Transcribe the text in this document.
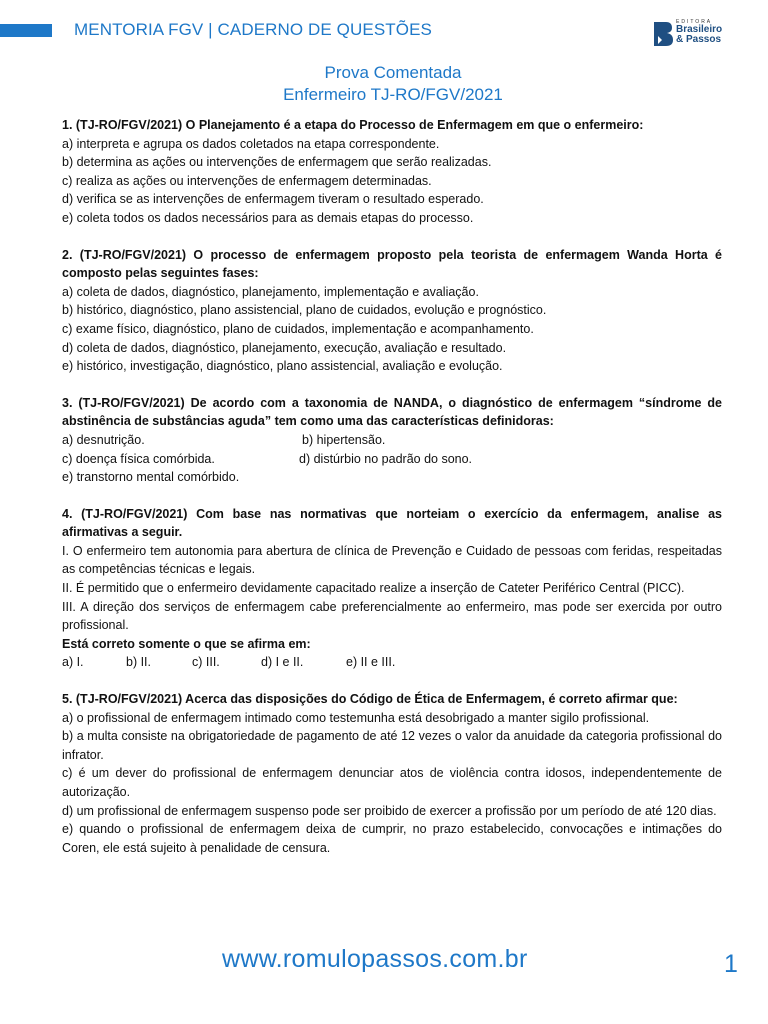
MENTORIA FGV | CADERNO DE QUESTÕES	EDITORA
Brasileiro
& Passos
Prova Comentada
Enfermeiro TJ-RO/FGV/2021

1. (TJ-RO/FGV/2021) O Planejamento é a etapa do Processo de Enfermagem em que o enfermeiro:

a) interpreta e agrupa os dados coletados na etapa correspondente.

b) determina as ações ou intervenções de enfermagem que serão realizadas.

c) realiza as ações ou intervenções de enfermagem determinadas.

d) verifica se as intervenções de enfermagem tiveram o resultado esperado.

e) coleta todos os dados necessários para as demais etapas do processo.

2. (TJ-RO/FGV/2021) O processo de enfermagem proposto pela teorista de enfermagem Wanda Horta é composto pelas seguintes fases:

a) coleta de dados, diagnóstico, planejamento, implementação e avaliação.

b) histórico, diagnóstico, plano assistencial, plano de cuidados, evolução e prognóstico.

c) exame físico, diagnóstico, plano de cuidados, implementação e acompanhamento.

d) coleta de dados, diagnóstico, planejamento, execução, avaliação e resultado.

e) histórico, investigação, diagnóstico, plano assistencial, avaliação e evolução.

3. (TJ-RO/FGV/2021) De acordo com a taxonomia de NANDA, o diagnóstico de enfermagem “síndrome de abstinência de substâncias aguda” tem como uma das características definidoras:

a) desnutrição.	b) hipertensão.
c) doença física comórbida.	d) distúrbio no padrão do sono.

e) transtorno mental comórbido.

4. (TJ-RO/FGV/2021) Com base nas normativas que norteiam o exercício da enfermagem, analise as afirmativas a seguir.

I. O enfermeiro tem autonomia para abertura de clínica de Prevenção e Cuidado de pessoas com feridas, respeitadas as competências técnicas e legais.

II. É permitido que o enfermeiro devidamente capacitado realize a inserção de Cateter Periférico Central (PICC).

III. A direção dos serviços de enfermagem cabe preferencialmente ao enfermeiro, mas pode ser exercida por outro profissional.

Está correto somente o que se afirma em:

a) I.	b) II.	c) III.	d) I e II.	e) II e III.

5. (TJ-RO/FGV/2021) Acerca das disposições do Código de Ética de Enfermagem, é correto afirmar que:

a) o profissional de enfermagem intimado como testemunha está desobrigado a manter sigilo profissional.

b) a multa consiste na obrigatoriedade de pagamento de até 12 vezes o valor da anuidade da categoria profissional do infrator.

c) é um dever do profissional de enfermagem denunciar atos de violência contra idosos, independentemente de autorização.

d) um profissional de enfermagem suspenso pode ser proibido de exercer a profissão por um período de até 120 dias.

e) quando o profissional de enfermagem deixa de cumprir, no prazo estabelecido, convocações e intimações do Coren, ele está sujeito à penalidade de censura.

www.romulopassos.com.br	1
